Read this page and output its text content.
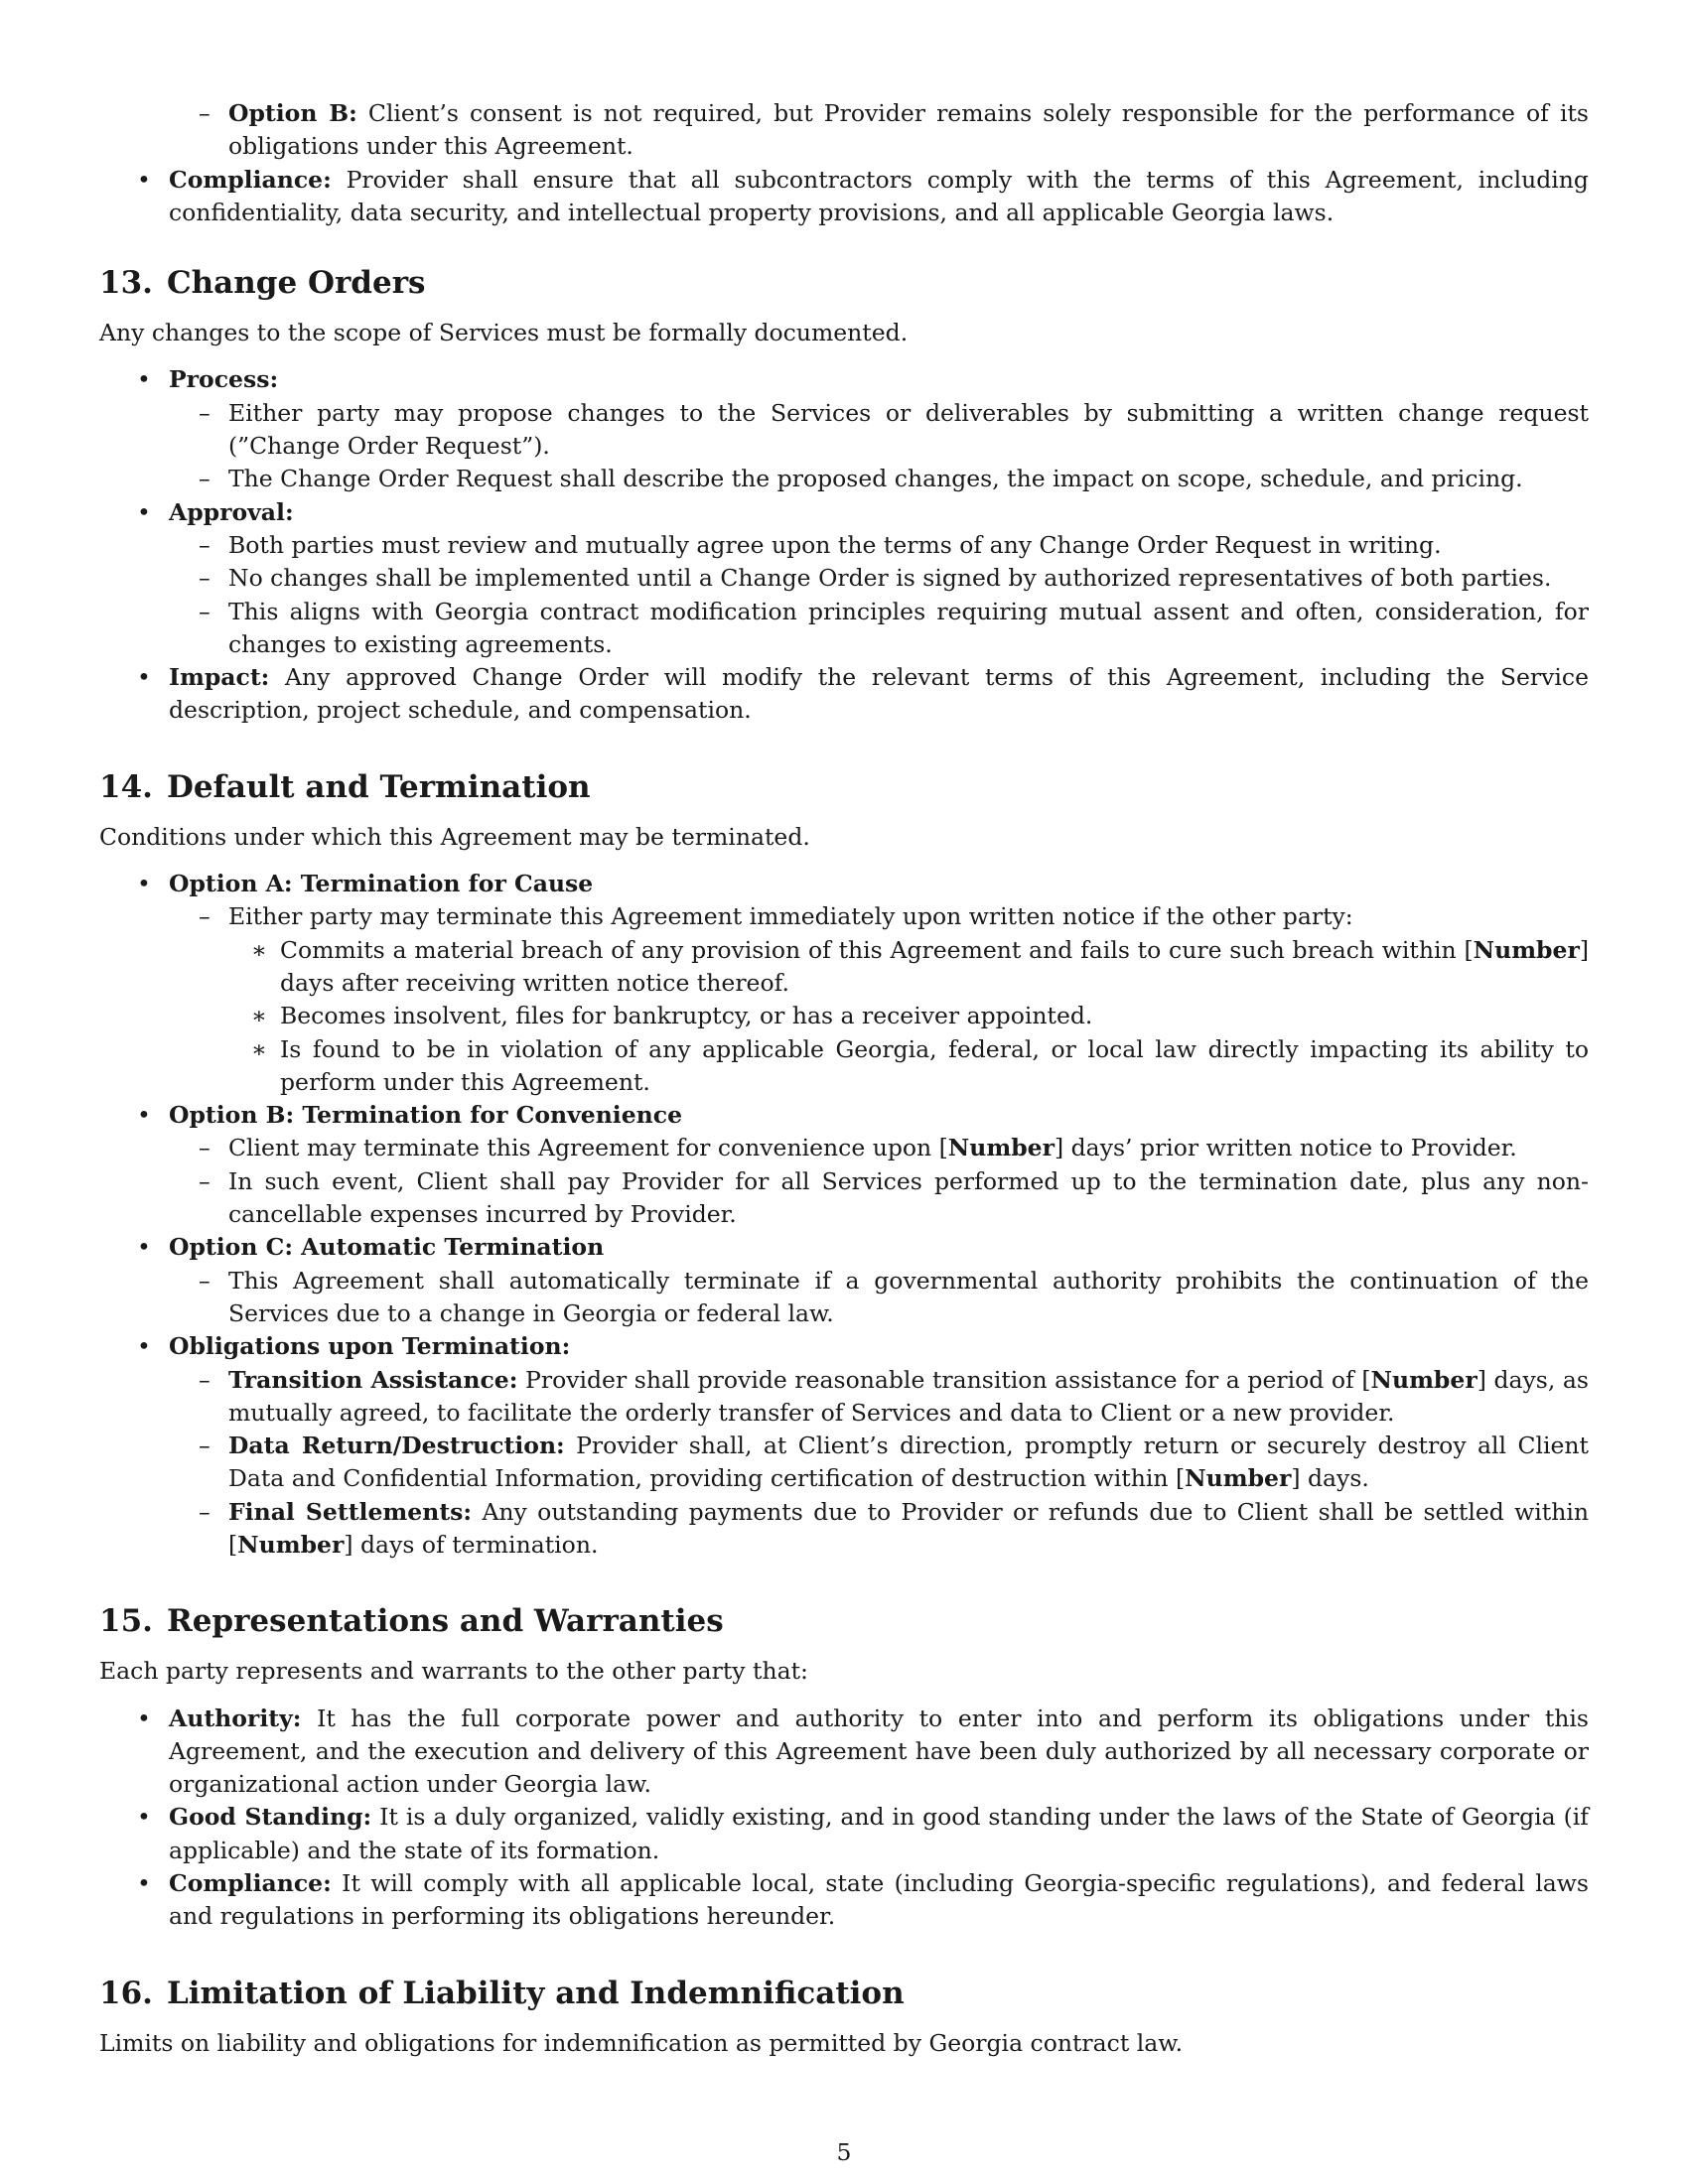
– Option B: Client’s consent is not required, but Provider remains solely responsible for the performance of its obligations under this Agreement.
• Compliance: Provider shall ensure that all subcontractors comply with the terms of this Agreement, including confidentiality, data security, and intellectual property provisions, and all applicable Georgia laws.
13. Change Orders
Any changes to the scope of Services must be formally documented.
• Process:
– Either party may propose changes to the Services or deliverables by submitting a written change request (”Change Order Request”).
– The Change Order Request shall describe the proposed changes, the impact on scope, schedule, and pricing.
• Approval:
– Both parties must review and mutually agree upon the terms of any Change Order Request in writing.
– No changes shall be implemented until a Change Order is signed by authorized representatives of both parties.
– This aligns with Georgia contract modification principles requiring mutual assent and often, consideration, for changes to existing agreements.
• Impact: Any approved Change Order will modify the relevant terms of this Agreement, including the Service description, project schedule, and compensation.
14. Default and Termination
Conditions under which this Agreement may be terminated.
• Option A: Termination for Cause
– Either party may terminate this Agreement immediately upon written notice if the other party:
∗ Commits a material breach of any provision of this Agreement and fails to cure such breach within [Number] days after receiving written notice thereof.
∗ Becomes insolvent, files for bankruptcy, or has a receiver appointed.
∗ Is found to be in violation of any applicable Georgia, federal, or local law directly impacting its ability to perform under this Agreement.
• Option B: Termination for Convenience
– Client may terminate this Agreement for convenience upon [Number] days’ prior written notice to Provider.
– In such event, Client shall pay Provider for all Services performed up to the termination date, plus any non-cancellable expenses incurred by Provider.
• Option C: Automatic Termination
– This Agreement shall automatically terminate if a governmental authority prohibits the continuation of the Services due to a change in Georgia or federal law.
• Obligations upon Termination:
– Transition Assistance: Provider shall provide reasonable transition assistance for a period of [Number] days, as mutually agreed, to facilitate the orderly transfer of Services and data to Client or a new provider.
– Data Return/Destruction: Provider shall, at Client’s direction, promptly return or securely destroy all Client Data and Confidential Information, providing certification of destruction within [Number] days.
– Final Settlements: Any outstanding payments due to Provider or refunds due to Client shall be settled within [Number] days of termination.
15. Representations and Warranties
Each party represents and warrants to the other party that:
• Authority: It has the full corporate power and authority to enter into and perform its obligations under this Agreement, and the execution and delivery of this Agreement have been duly authorized by all necessary corporate or organizational action under Georgia law.
• Good Standing: It is a duly organized, validly existing, and in good standing under the laws of the State of Georgia (if applicable) and the state of its formation.
• Compliance: It will comply with all applicable local, state (including Georgia-specific regulations), and federal laws and regulations in performing its obligations hereunder.
16. Limitation of Liability and Indemnification
Limits on liability and obligations for indemnification as permitted by Georgia contract law.
5
